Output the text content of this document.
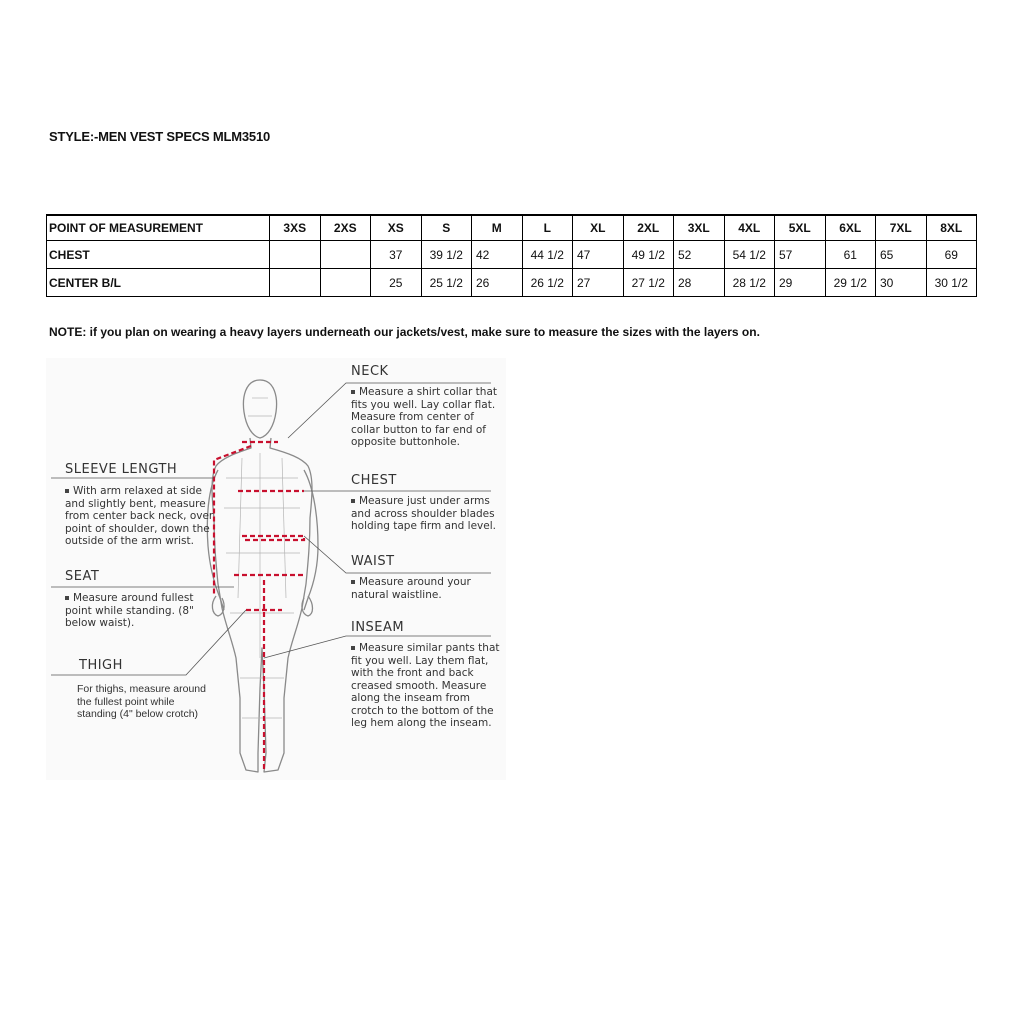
STYLE:-MEN VEST SPECS MLM3510
POINT OF MEASUREMENT	3XS	2XS	XS	S	M	L	XL	2XL	3XL	4XL	5XL	6XL	7XL	8XL
CHEST			37	39 1/2	42	44 1/2	47	49 1/2	52	54 1/2	57	61	65	69
CENTER B/L			25	25 1/2	26	26 1/2	27	27 1/2	28	28 1/2	29	29 1/2	30	30 1/2
NOTE: if you plan on wearing a heavy layers underneath our jackets/vest, make sure to measure the sizes with the layers on.
NECK
Measure a shirt collar that fits you well. Lay collar flat. Measure from center of collar button to far end of opposite buttonhole.
CHEST
Measure just under arms and across shoulder blades holding tape firm and level.
WAIST
Measure around your natural waistline.
INSEAM
Measure similar pants that fit you well. Lay them flat, with the front and back creased smooth. Measure along the inseam from crotch to the bottom of the leg hem along the inseam.
SLEEVE LENGTH
With arm relaxed at side and slightly bent, measure from center back neck, over point of shoulder, down the outside of the arm wrist.
SEAT
Measure around fullest point while standing. (8" below waist).
THIGH
For thighs, measure around the fullest point while standing (4" below crotch)
